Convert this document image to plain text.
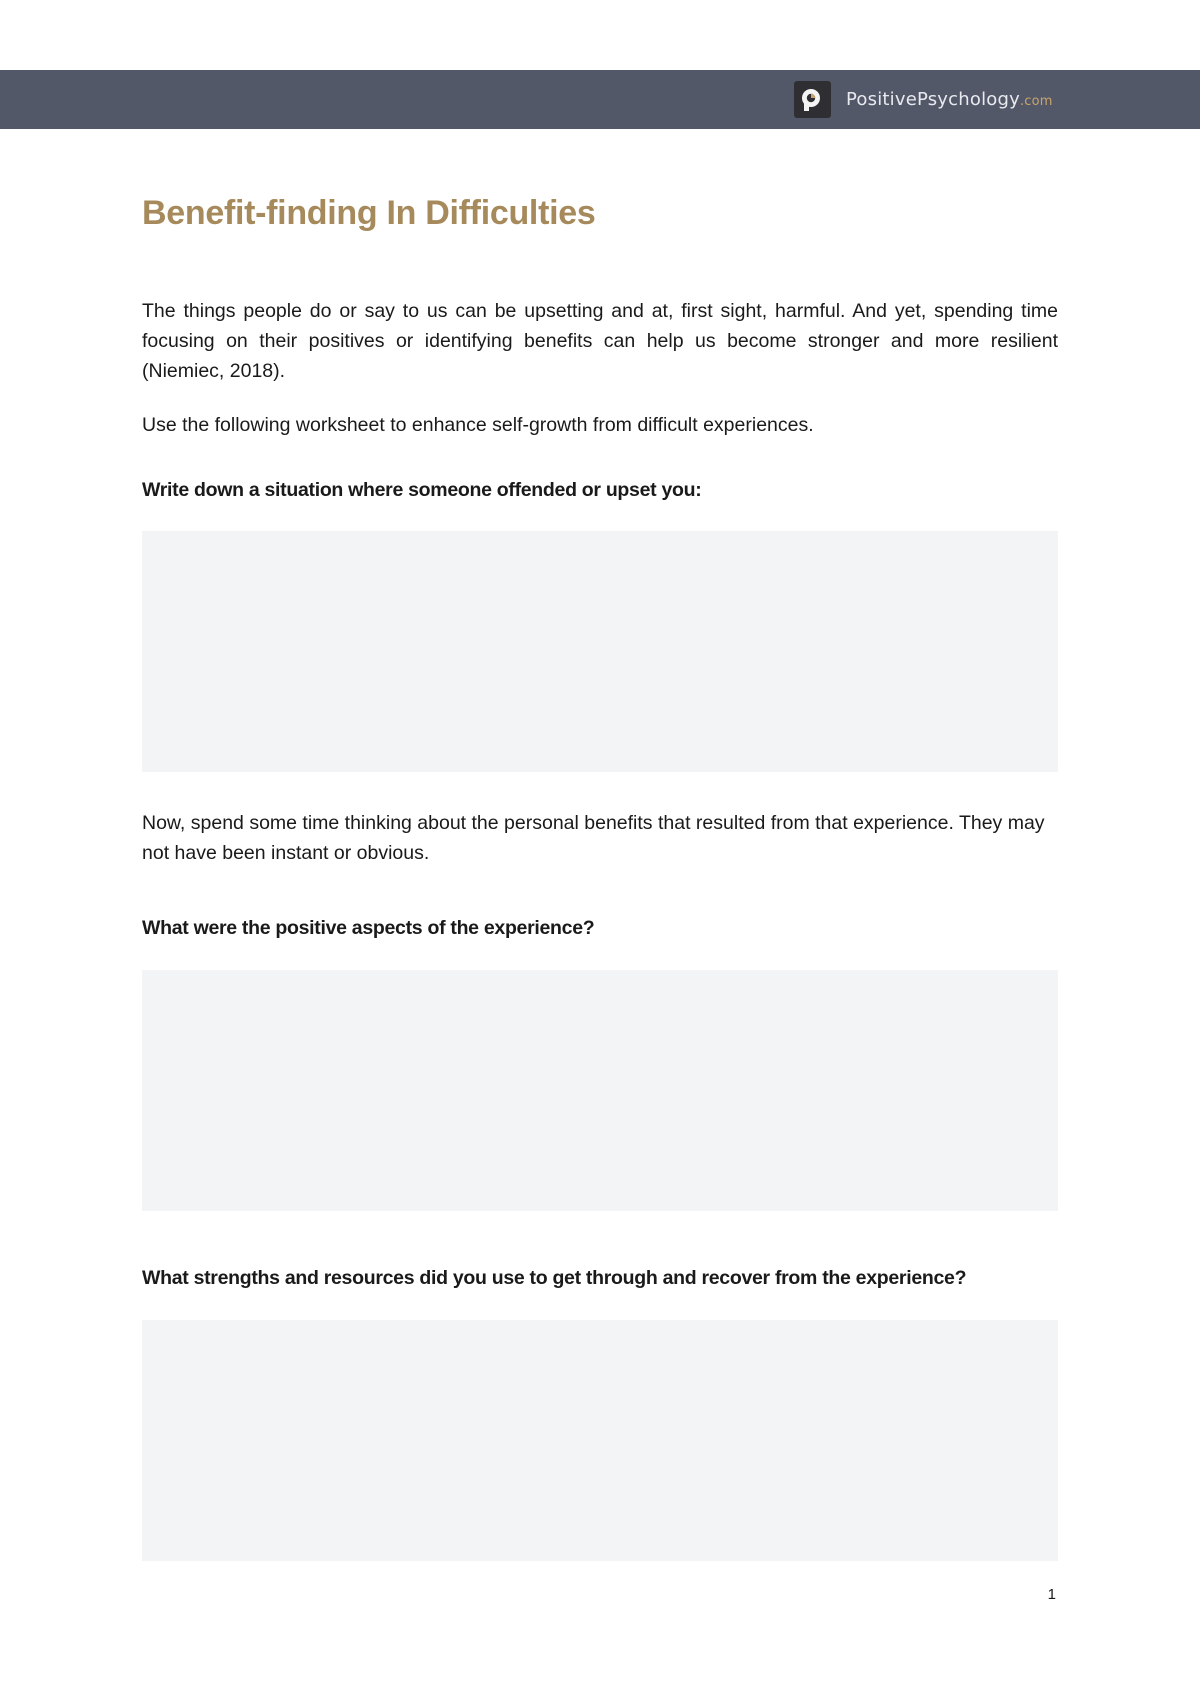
PositivePsychology.com
Benefit-finding In Difficulties

The things people do or say to us can be upsetting and at, first sight, harmful. And yet, spending time focusing on their positives or identifying benefits can help us become stronger and more resilient (Niemiec, 2018).

Use the following worksheet to enhance self-growth from difficult experiences.

Write down a situation where someone offended or upset you:

Now, spend some time thinking about the personal benefits that resulted from that experience. They may not have been instant or obvious.

What were the positive aspects of the experience?

What strengths and resources did you use to get through and recover from the experience?

1
